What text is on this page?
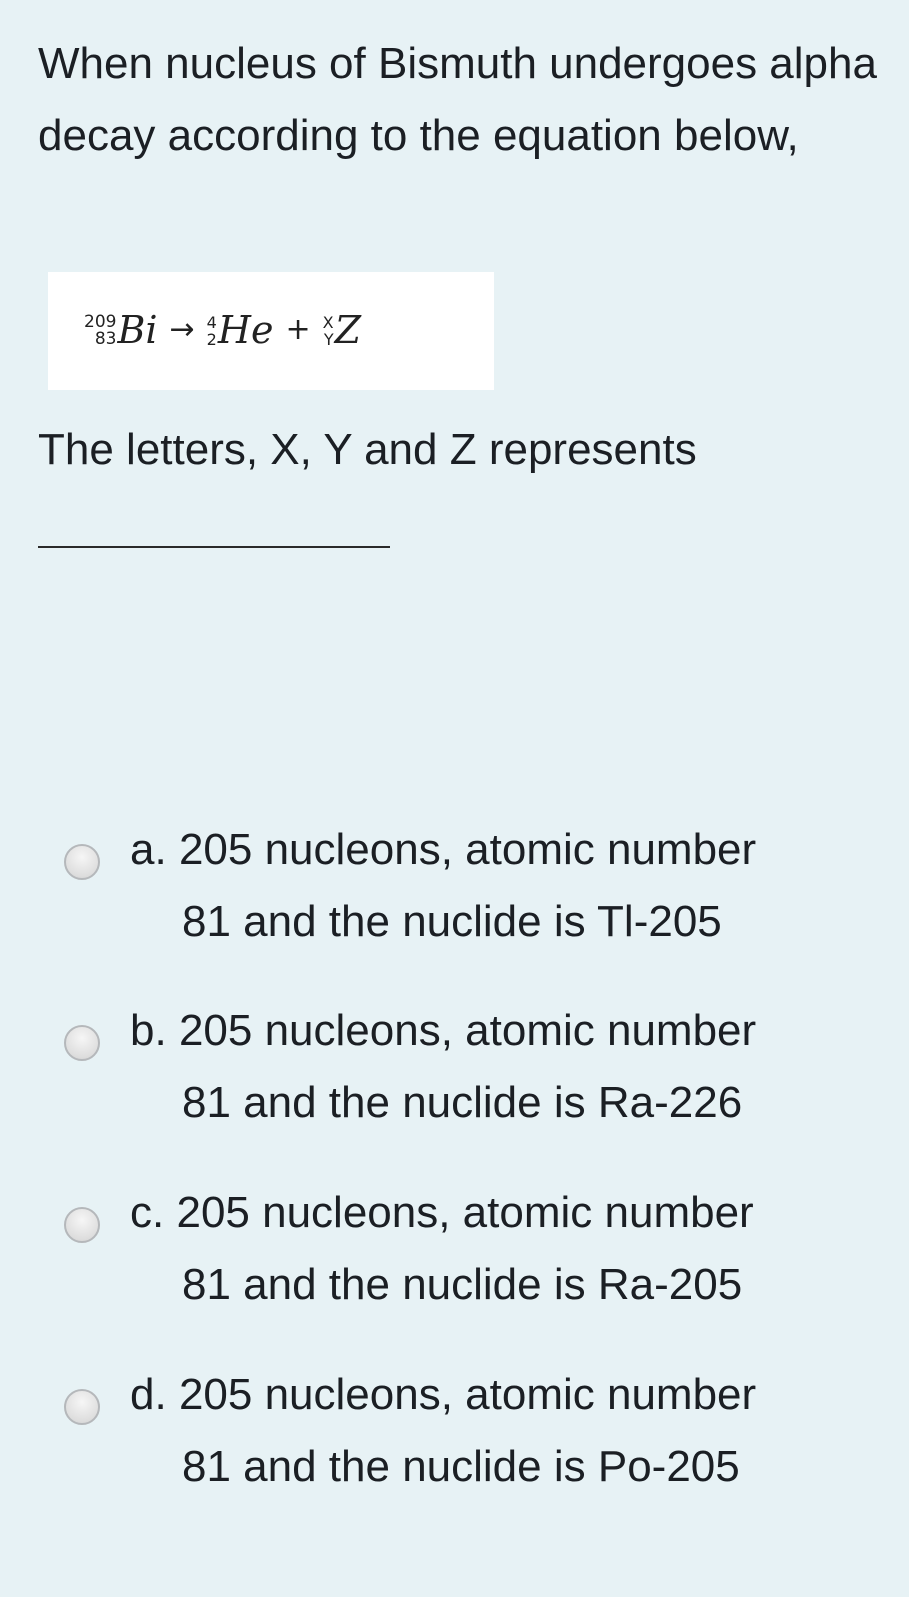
When nucleus of Bismuth undergoes alpha decay according to the equation below,

209
83 Bi → 4
2 He + X
Y Z

The letters, X, Y and Z represents

a. 205 nucleons, atomic number
81 and the nuclide is Tl-205
b. 205 nucleons, atomic number
81 and the nuclide is Ra-226
c. 205 nucleons, atomic number
81 and the nuclide is Ra-205
d. 205 nucleons, atomic number
81 and the nuclide is Po-205
